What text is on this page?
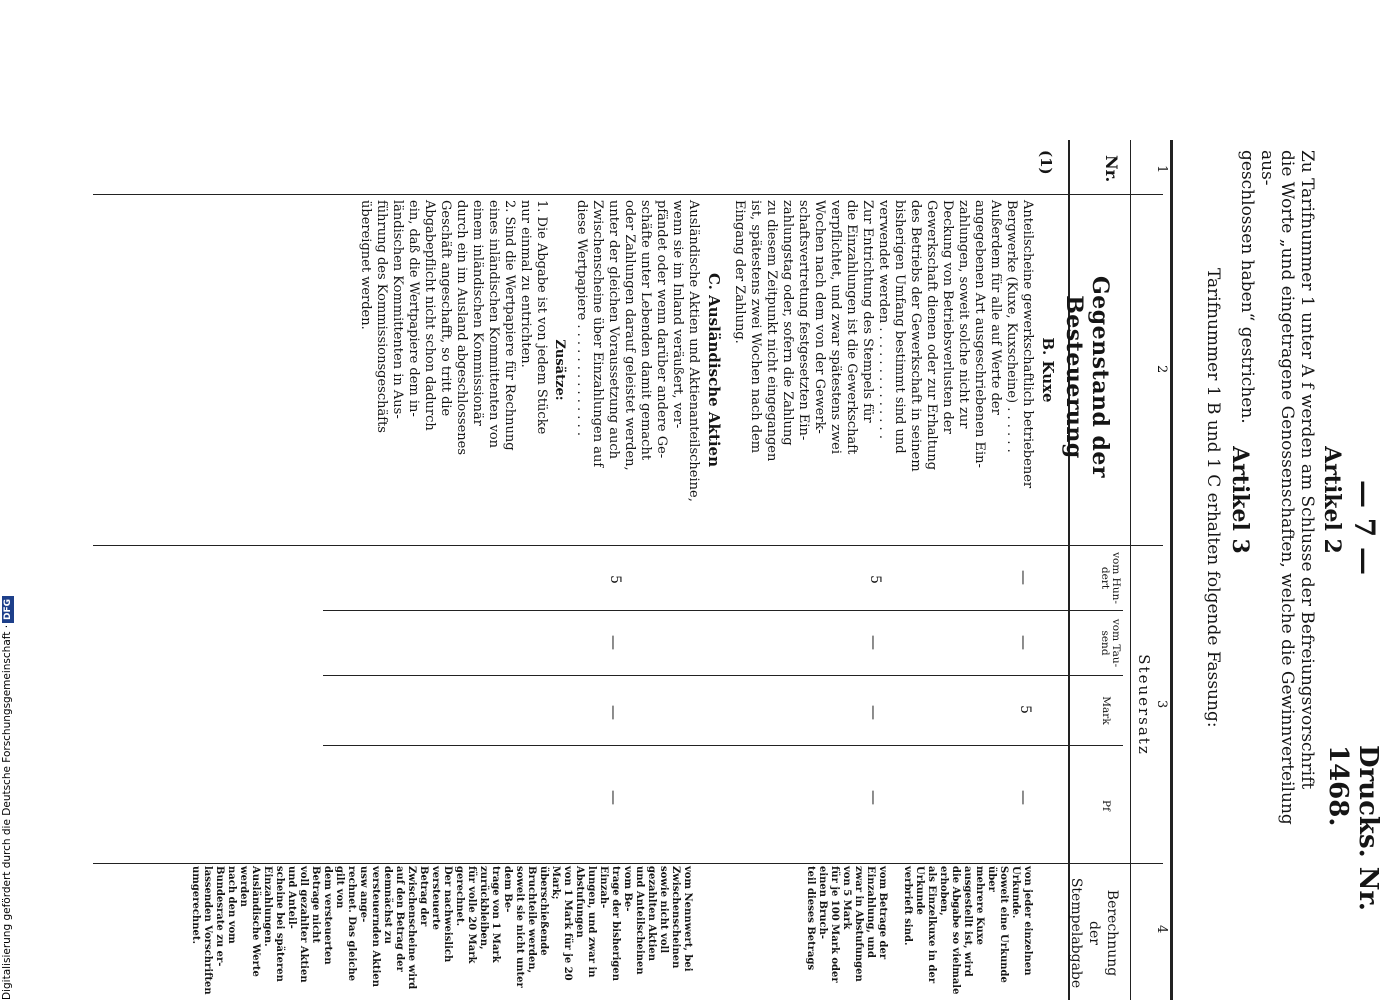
— 7 —
Drucks. Nr. 1468.
Artikel 2
Zu Tarifnummer 1 unter A f werden am Schlusse der Befreiungsvorschrift
die Worte „und eingetragene Genossenschaften, welche die Gewinnverteilung aus-
geschlossen haben“ gestrichen.
Artikel 3
Tarifnummer 1 B und 1 C erhalten folgende Fassung:
1
2
3
4
Nr.
Gegenstand der Besteuerung
Steuersatz
vom Hun- dert
vom Tau- send
Mark
Pf
Berechnung
der Stempelabgabe
(1)
B. Kuxe
Anteilscheine gewerkschaftlich betriebener
Bergwerke (Kuxe, Kuxscheine) . . . . . .
Außerdem für alle auf Werte der
angegebenen Art ausgeschriebenen Ein-
zahlungen, soweit solche nicht zur
Deckung von Betriebsverlusten der
Gewerkschaft dienen oder zur Erhaltung
des Betriebs der Gewerkschaft in seinem
bisherigen Umfang bestimmt sind und
verwendet werden . . . . . . . . . . . . . .
Zur Entrichtung des Stempels für
die Einzahlungen ist die Gewerkschaft
verpflichtet, und zwar spätestens zwei
Wochen nach dem von der Gewerk-
schaftsvertretung festgesetzten Ein-
zahlungstag oder, sofern die Zahlung
zu diesem Zeitpunkt nicht eingegangen
ist, spätestens zwei Wochen nach dem
Eingang der Zahlung.
C. Ausländische Aktien
Ausländische Aktien und Aktienanteilscheine,
wenn sie im Inland veräußert, ver-
pfändet oder wenn darüber andere Ge-
schäfte unter Lebenden damit gemacht
oder Zahlungen darauf geleistet werden,
unter der gleichen Voraussetzung auch
Zwischenscheine über Einzahlungen auf
diese Wertpapiere . . . . . . . . . . . . . .
Zusätze:
1. Die Abgabe ist von jedem Stücke
nur einmal zu entrichten.
2. Sind die Wertpapiere für Rechnung
eines inländischen Kommittenten von
einem inländischen Kommissionär
durch ein im Ausland abgeschlossenes
Geschäft angeschafft, so tritt die
Abgabepflicht nicht schon dadurch
ein, daß die Wertpapiere dem in-
ländischen Kommittenten in Aus-
führung des Kommissionsgeschäfts
übereignet werden.
—
—
5
—
5
—
—
—
5
—
—
—
von jeder einzelnen Urkunde.
Soweit eine Urkunde über
mehrere Kuxe ausgestellt ist, wird
die Abgabe so vielmale erhoben,
als Einzelkuxe in der Urkunde
verbrieft sind.
vom Betrage der Einzahlung, und
zwar in Abstufungen von 5 Mark
für je 100 Mark oder einen Bruch-
teil dieses Betrags
vom Nennwert, bei Zwischenscheinen
sowie nicht voll gezahlten Aktien
und Anteilscheinen vom Be-
trage der bisherigen Einzah-
lungen, und zwar in Abstufungen
von 1 Mark für je 20 Mark;
überschießende Bruchteile werden,
soweit sie nicht unter dem Be-
trage von 1 Mark zurückbleiben,
für volle 20 Mark gerechnet.
Der nachweislich versteuerte
Betrag der Zwischenscheine wird
auf den Betrag der demnächst zu
versteuernden Aktien usw ange-
rechnet. Das gleiche gilt von
dem versteuerten Betrage nicht
voll gezahlter Aktien und Anteil-
scheine bei späteren Einzahlungen.
Ausländische Werte werden
nach den vom Bundesrate zu er-
lassenden Vorschriften umgerechnet.
Digitalisierung gefördert durch die Deutsche Forschungsgemeinschaft ·DFG
